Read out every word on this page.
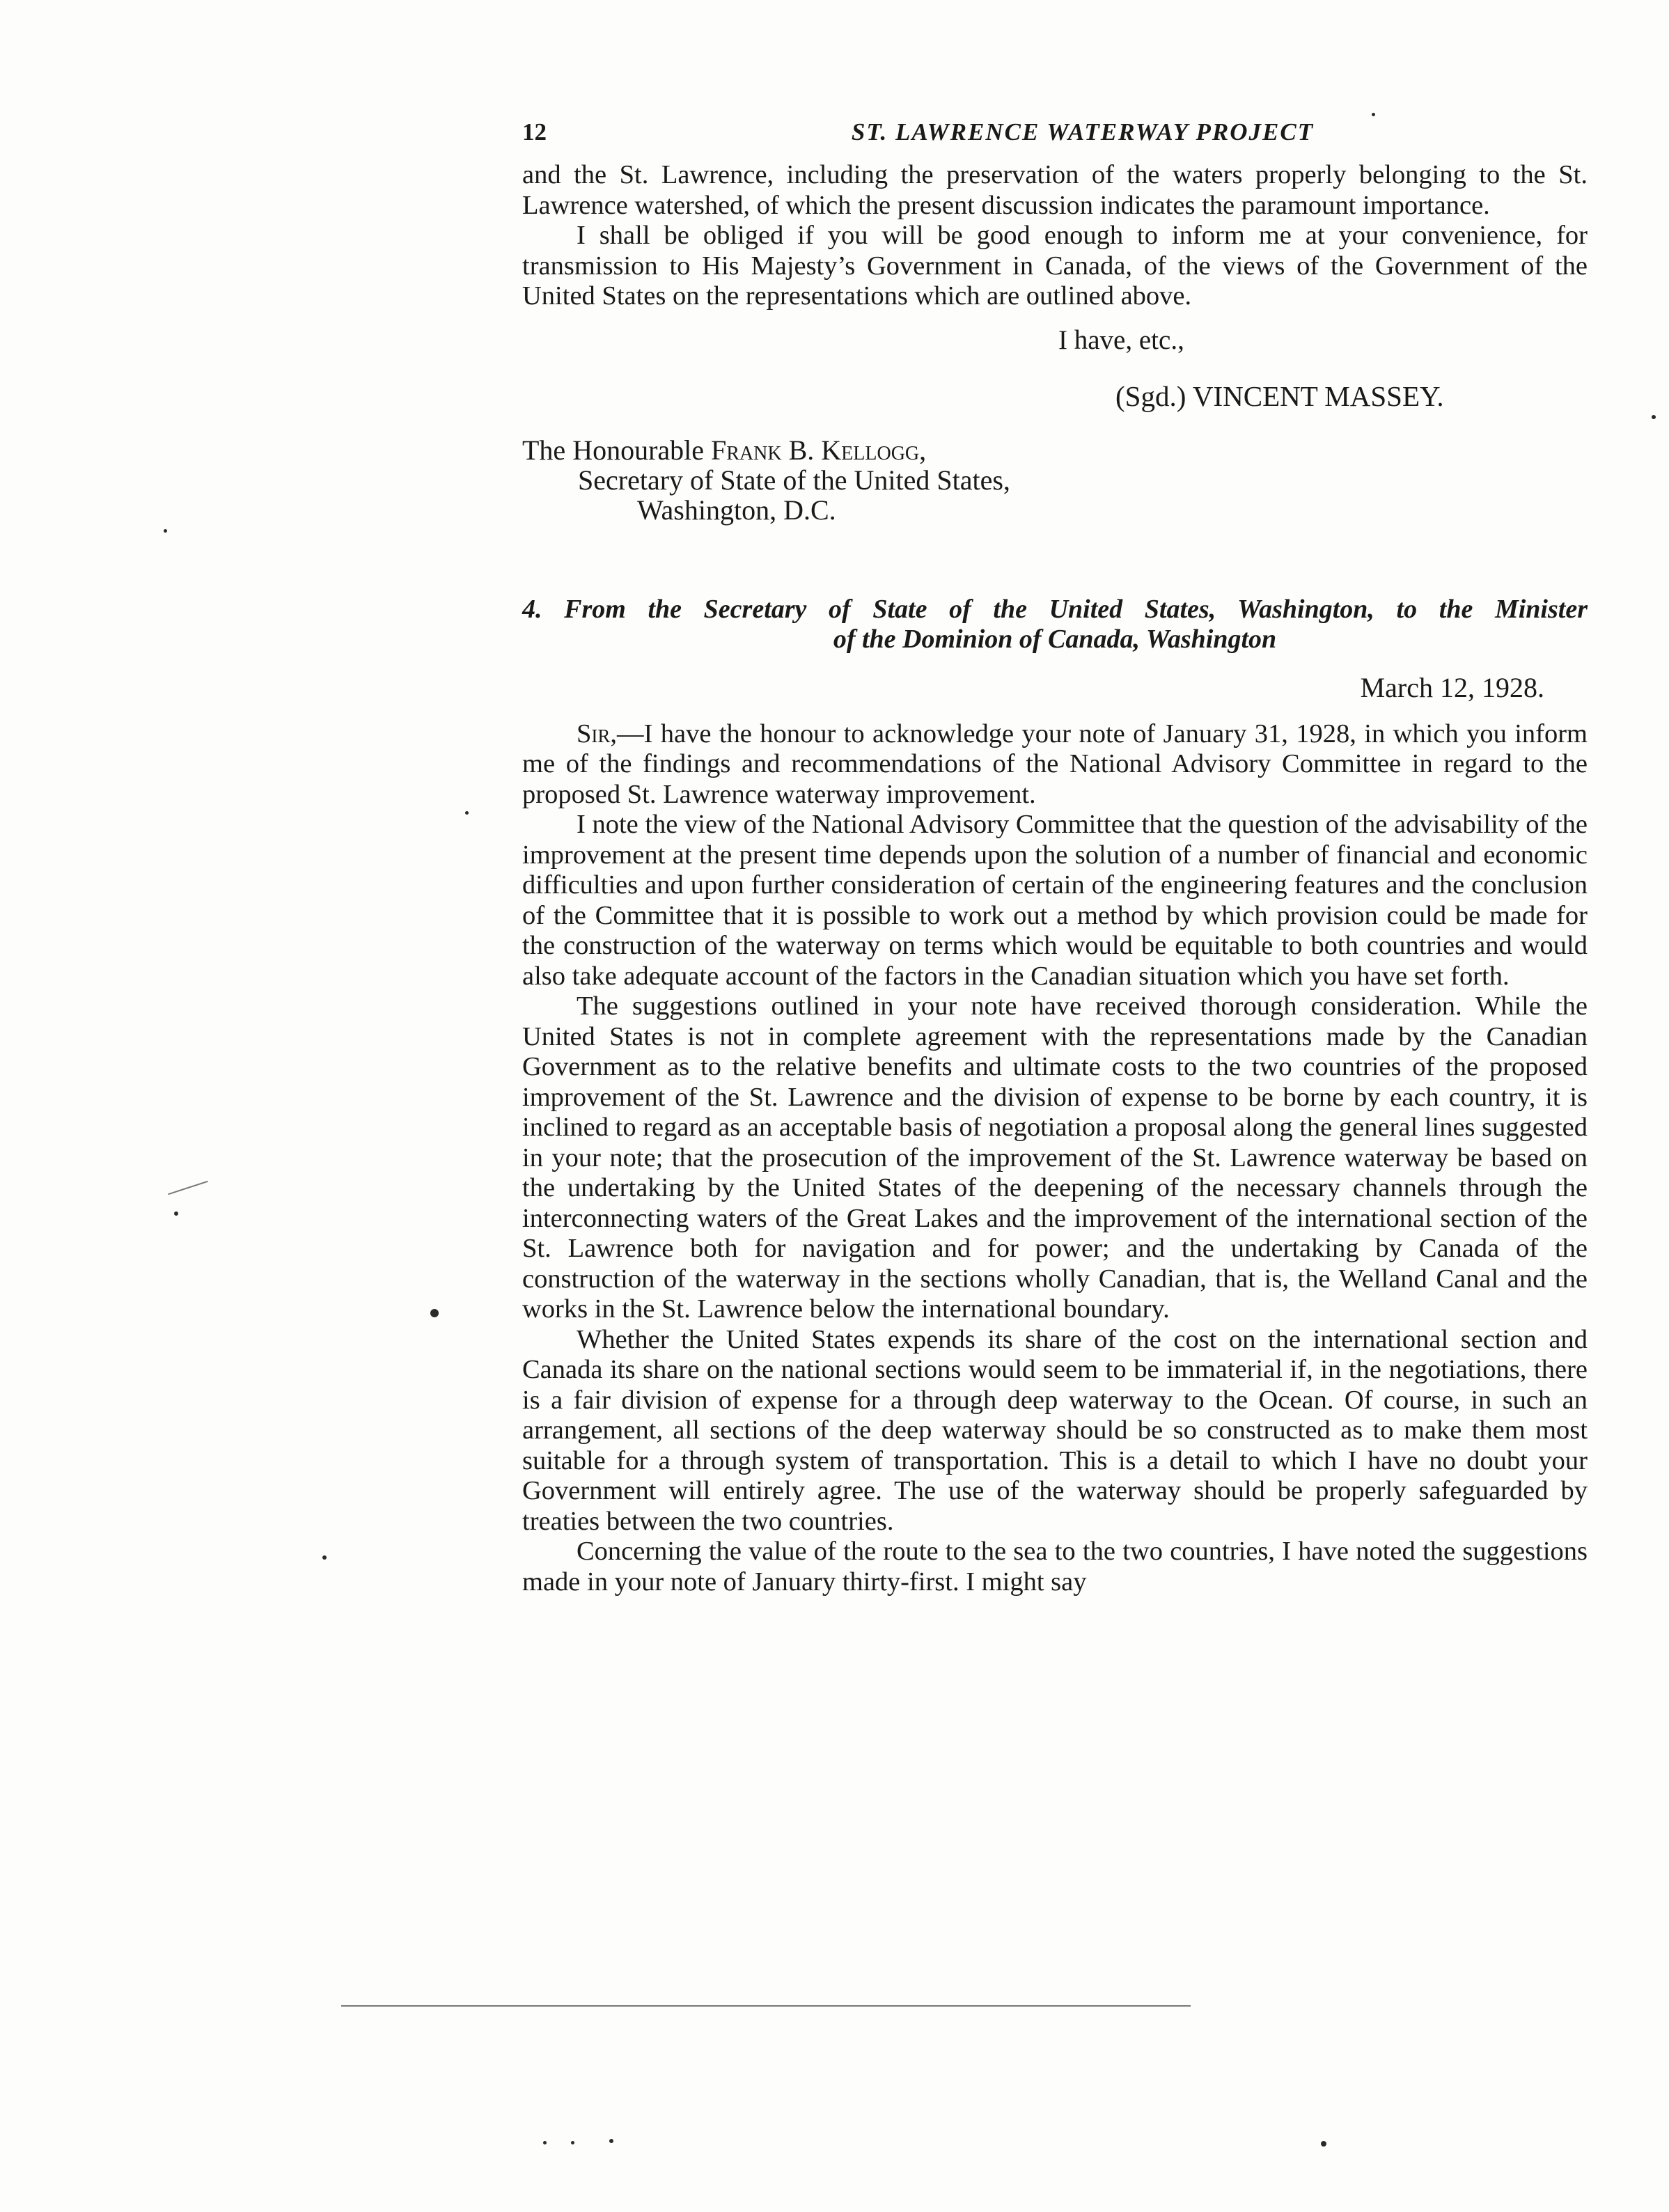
12	ST. LAWRENCE WATERWAY PROJECT

and the St. Lawrence, including the preservation of the waters properly belonging to the St. Lawrence watershed, of which the present discussion indicates the paramount importance.

I shall be obliged if you will be good enough to inform me at your convenience, for transmission to His Majesty’s Government in Canada, of the views of the Government of the United States on the representations which are outlined above.

I have, etc.,
(Sgd.) VINCENT MASSEY.
The Honourable Frank B. Kellogg,
Secretary of State of the United States,
Washington, D.C.
4. From the Secretary of State of the United States, Washington, to the Minister
of the Dominion of Canada, Washington
March 12, 1928.

Sir,—I have the honour to acknowledge your note of January 31, 1928, in which you inform me of the findings and recommendations of the National Advisory Committee in regard to the proposed St. Lawrence waterway improvement.

I note the view of the National Advisory Committee that the question of the advisability of the improvement at the present time depends upon the solution of a number of financial and economic difficulties and upon further consideration of certain of the engineering features and the conclusion of the Committee that it is possible to work out a method by which provision could be made for the construction of the waterway on terms which would be equitable to both countries and would also take adequate account of the factors in the Canadian situation which you have set forth.

The suggestions outlined in your note have received thorough consideration. While the United States is not in complete agreement with the representations made by the Canadian Government as to the relative benefits and ultimate costs to the two countries of the proposed improvement of the St. Lawrence and the division of expense to be borne by each country, it is inclined to regard as an acceptable basis of negotiation a proposal along the general lines suggested in your note; that the prosecution of the improvement of the St. Lawrence waterway be based on the undertaking by the United States of the deepening of the necessary channels through the interconnecting waters of the Great Lakes and the improvement of the international section of the St. Lawrence both for navigation and for power; and the undertaking by Canada of the construction of the waterway in the sections wholly Canadian, that is, the Welland Canal and the works in the St. Lawrence below the international boundary.

Whether the United States expends its share of the cost on the international section and Canada its share on the national sections would seem to be immaterial if, in the negotiations, there is a fair division of expense for a through deep waterway to the Ocean. Of course, in such an arrangement, all sections of the deep waterway should be so constructed as to make them most suitable for a through system of transportation. This is a detail to which I have no doubt your Government will entirely agree. The use of the waterway should be properly safeguarded by treaties between the two countries.

Concerning the value of the route to the sea to the two countries, I have noted the suggestions made in your note of January thirty-first. I might say
